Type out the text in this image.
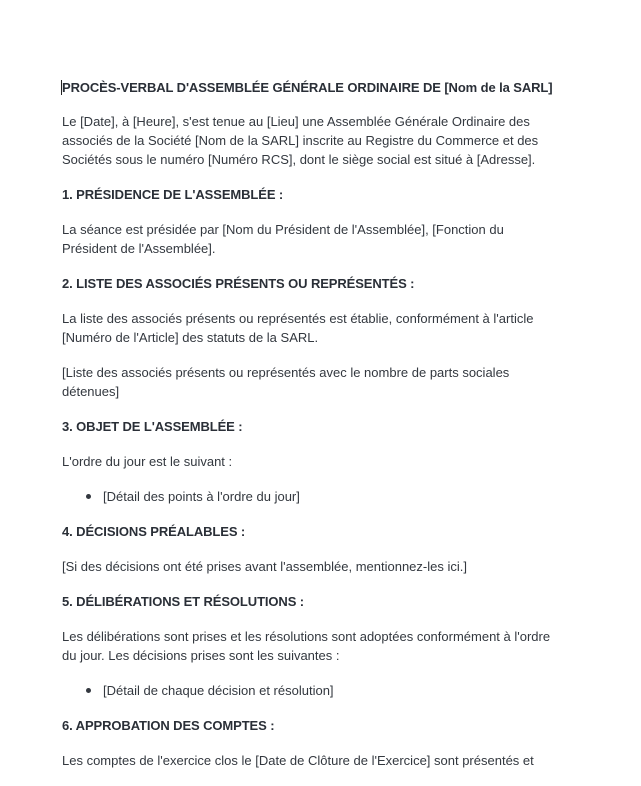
PROCÈS-VERBAL D'ASSEMBLÉE GÉNÉRALE ORDINAIRE DE [Nom de la SARL]
Le [Date], à [Heure], s'est tenue au [Lieu] une Assemblée Générale Ordinaire des associés de la Société [Nom de la SARL] inscrite au Registre du Commerce et des Sociétés sous le numéro [Numéro RCS], dont le siège social est situé à [Adresse].
1. PRÉSIDENCE DE L'ASSEMBLÉE :
La séance est présidée par [Nom du Président de l'Assemblée], [Fonction du Président de l'Assemblée].
2. LISTE DES ASSOCIÉS PRÉSENTS OU REPRÉSENTÉS :
La liste des associés présents ou représentés est établie, conformément à l'article [Numéro de l'Article] des statuts de la SARL.
[Liste des associés présents ou représentés avec le nombre de parts sociales détenues]
3. OBJET DE L'ASSEMBLÉE :
L'ordre du jour est le suivant :
[Détail des points à l'ordre du jour]
4. DÉCISIONS PRÉALABLES :
[Si des décisions ont été prises avant l'assemblée, mentionnez-les ici.]
5. DÉLIBÉRATIONS ET RÉSOLUTIONS :
Les délibérations sont prises et les résolutions sont adoptées conformément à l'ordre du jour. Les décisions prises sont les suivantes :
[Détail de chaque décision et résolution]
6. APPROBATION DES COMPTES :
Les comptes de l'exercice clos le [Date de Clôture de l'Exercice] sont présentés et
